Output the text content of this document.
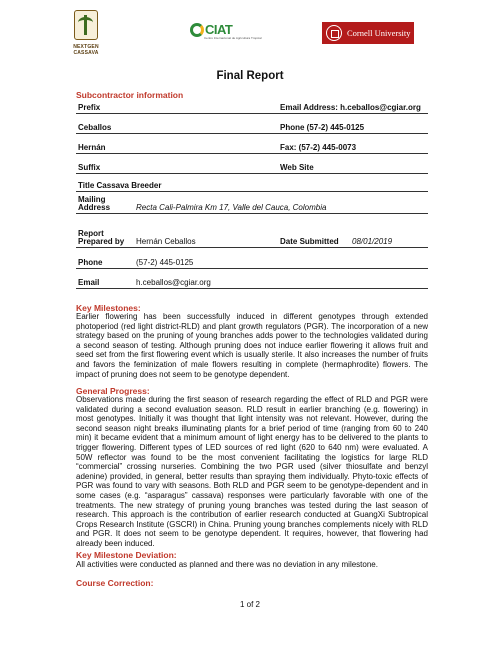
NEXTGEN
CASSAVA
CIAT
Centro Internacional de Agricultura Tropical	Cornell University
Final Report
Subcontractor information
Prefix	Email Address: h.ceballos@cgiar.org
Ceballos	Phone (57-2) 445-0125
Hernán	Fax: (57-2) 445-0073
Suffix	Web Site
Title Cassava Breeder
Mailing
Address	Recta Cali-Palmira Km 17, Valle del Cauca, Colombia
Report
Prepared by Hernán Ceballos	Date Submitted 08/01/2019
Phone	(57-2) 445-0125
Email	h.ceballos@cgiar.org
Key Milestones:
Earlier flowering has been successfully induced in different genotypes through extended photoperiod (red light district-RLD) and plant growth regulators (PGR). The incorporation of a new strategy based on the pruning of young branches adds power to the technologies validated during a second season of testing. Although pruning does not induce earlier flowering it allows fruit and seed set from the first flowering event which is usually sterile. It also increases the number of fruits and favors the feminization of male flowers resulting in complete (hermaphrodite) flowers. The impact of pruning does not seem to be genotype dependent.
General Progress:
Observations made during the first season of research regarding the effect of RLD and PGR were validated during a second evaluation season. RLD result in earlier branching (e.g. flowering) in most genotypes. Initially it was thought that light intensity was not relevant. However, during the second season night breaks illuminating plants for a brief period of time (ranging from 60 to 240 min) it became evident that a minimum amount of light energy has to be delivered to the plants to trigger flowering. Different types of LED sources of red light (620 to 640 nm) were evaluated. A 50W reflector was found to be the most convenient facilitating the logistics for large RLD “commercial” crossing nurseries. Combining the two PGR used (silver thiosulfate and benzyl adenine) provided, in general, better results than spraying them individually. Phyto-toxic effects of PGR was found to vary with seasons. Both RLD and PGR seem to be genotype-dependent and in some cases (e.g. “asparagus” cassava) responses were particularly favorable with one of the treatments. The new strategy of pruning young branches was tested during the last season of research. This approach is the contribution of earlier research conducted at GuangXi Subtropical Crops Research Institute (GSCRI) in China. Pruning young branches complements nicely with RLD and PGR. It does not seem to be genotype dependent. It requires, however, that flowering had already been induced.
Key Milestone Deviation:
All activities were conducted as planned and there was no deviation in any milestone.
Course Correction:
1 of 2
